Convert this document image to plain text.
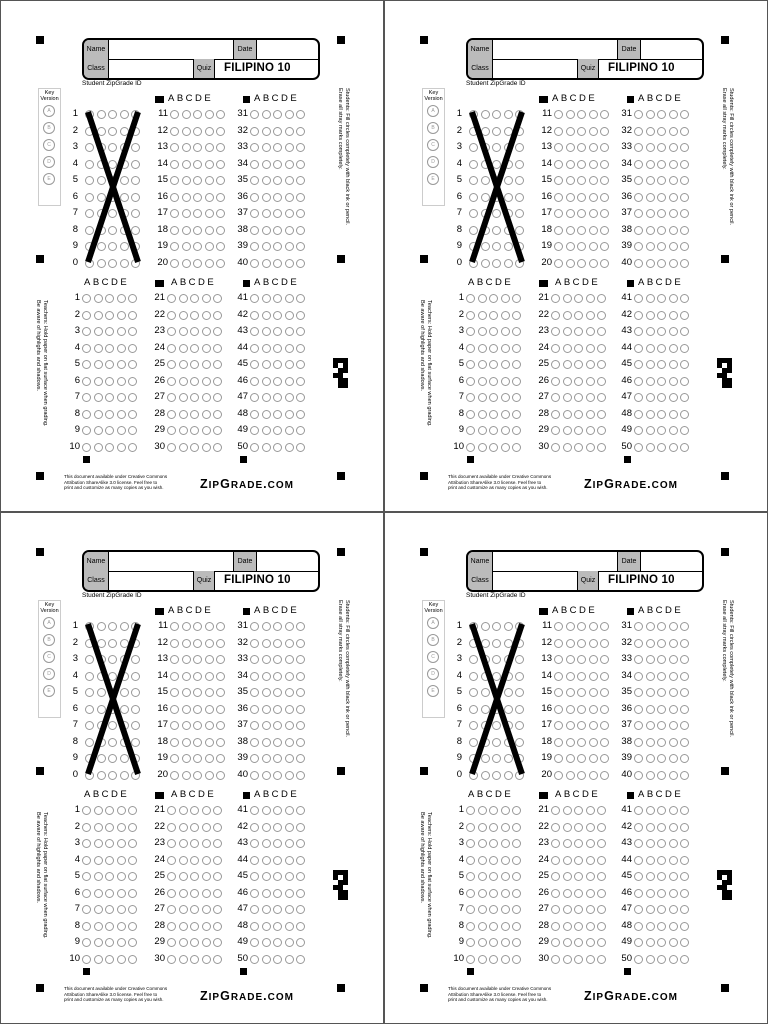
Name	Date
Class	Quiz	FILIPINO 10
Student ZipGrade ID
Key
Version
A
B
C
D
E
1
2
3
4
5
6
7
8
9
0
ABCDE
11
12
13
14
15
16
17
18
19
20
ABCDE
31
32
33
34
35
36
37
38
39
40
ABCDE
1
2
3
4
5
6
7
8
9
10
ABCDE
21
22
23
24
25
26
27
28
29
30
ABCDE
41
42
43
44
45
46
47
48
49
50
Students: Fill circles completely with black ink or pencil.
Erase all stray marks completely.
Teachers: Hold paper on flat surface when grading.
Be aware of highlights and shadows.
This document available under Creative Commons
Attribution ShareAlike 3.0 license. Feel free to
print and customize as many copies as you wish.	ZIPGRADE.COM
Name	Date
Class	Quiz	FILIPINO 10
Student ZipGrade ID
Key
Version
A
B
C
D
E
1
2
3
4
5
6
7
8
9
0
ABCDE
11
12
13
14
15
16
17
18
19
20
ABCDE
31
32
33
34
35
36
37
38
39
40
ABCDE
1
2
3
4
5
6
7
8
9
10
ABCDE
21
22
23
24
25
26
27
28
29
30
ABCDE
41
42
43
44
45
46
47
48
49
50
Students: Fill circles completely with black ink or pencil.
Erase all stray marks completely.
Teachers: Hold paper on flat surface when grading.
Be aware of highlights and shadows.
This document available under Creative Commons
Attribution ShareAlike 3.0 license. Feel free to
print and customize as many copies as you wish.	ZIPGRADE.COM
Name	Date
Class	Quiz	FILIPINO 10
Student ZipGrade ID
Key
Version
A
B
C
D
E
1
2
3
4
5
6
7
8
9
0
ABCDE
11
12
13
14
15
16
17
18
19
20
ABCDE
31
32
33
34
35
36
37
38
39
40
ABCDE
1
2
3
4
5
6
7
8
9
10
ABCDE
21
22
23
24
25
26
27
28
29
30
ABCDE
41
42
43
44
45
46
47
48
49
50
Students: Fill circles completely with black ink or pencil.
Erase all stray marks completely.
Teachers: Hold paper on flat surface when grading.
Be aware of highlights and shadows.
This document available under Creative Commons
Attribution ShareAlike 3.0 license. Feel free to
print and customize as many copies as you wish.	ZIPGRADE.COM
Name	Date
Class	Quiz	FILIPINO 10
Student ZipGrade ID
Key
Version
A
B
C
D
E
1
2
3
4
5
6
7
8
9
0
ABCDE
11
12
13
14
15
16
17
18
19
20
ABCDE
31
32
33
34
35
36
37
38
39
40
ABCDE
1
2
3
4
5
6
7
8
9
10
ABCDE
21
22
23
24
25
26
27
28
29
30
ABCDE
41
42
43
44
45
46
47
48
49
50
Students: Fill circles completely with black ink or pencil.
Erase all stray marks completely.
Teachers: Hold paper on flat surface when grading.
Be aware of highlights and shadows.
This document available under Creative Commons
Attribution ShareAlike 3.0 license. Feel free to
print and customize as many copies as you wish.	ZIPGRADE.COM
